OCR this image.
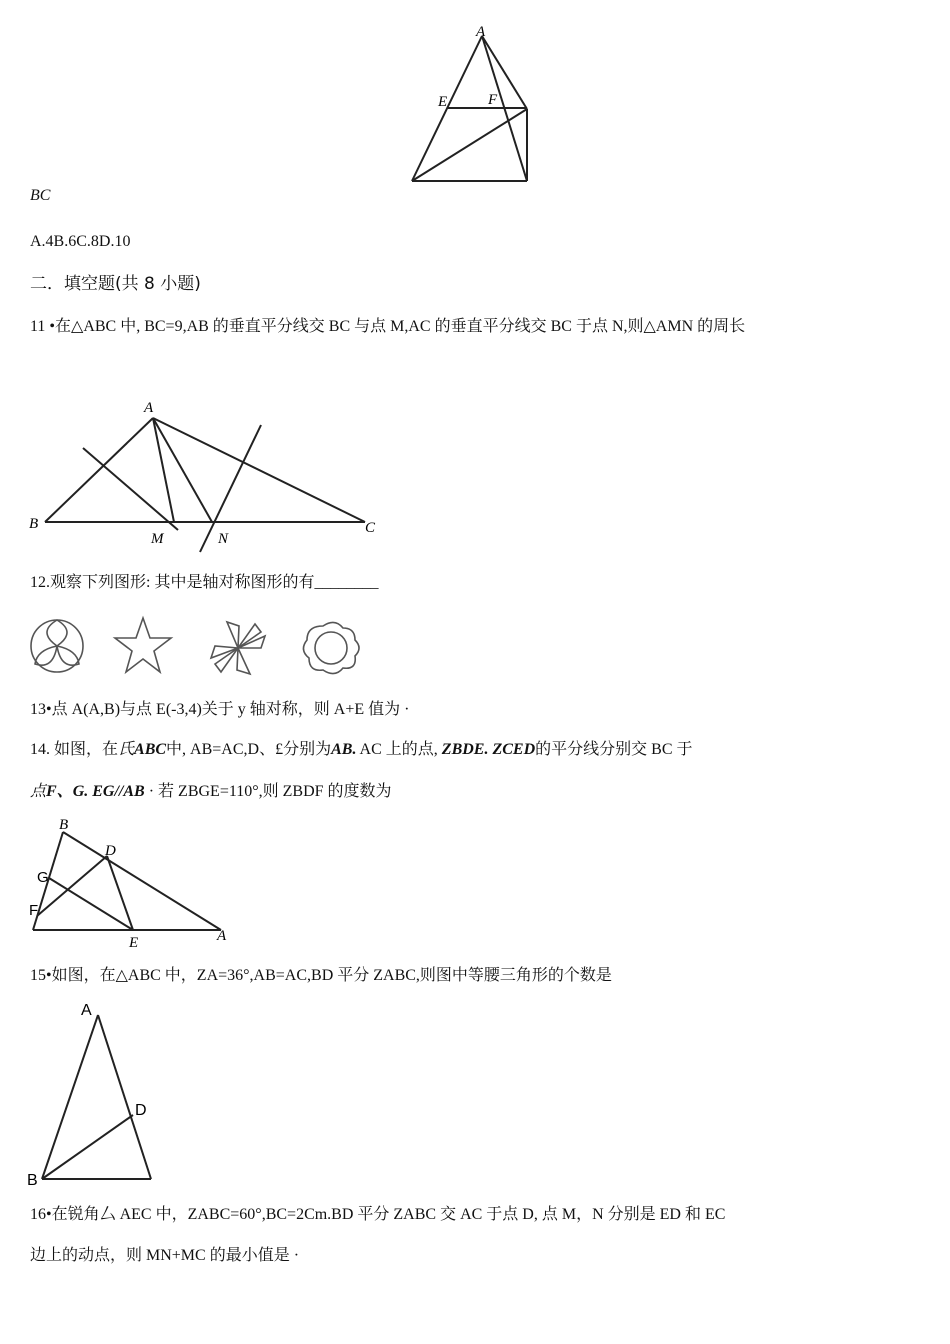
A
E	F
BC
A.4B.6C.8D.10
二．填空题(共 8 小题)
11 •在△ABC 中, BC=9,AB 的垂直平分线交 BC 与点 M,AC 的垂直平分线交 BC 于点 N,则△AMN 的周长
A
B	C
M	N
12.观察下列图形: 其中是轴对称图形的有________
13•点 A(A,B)与点 E(-3,4)关于 y 轴对称，则 A+E 值为 ·
14. 如图，在氏ABC中, AB=AC,D、£分别为AB. AC 上的点, ZBDE. ZCED的平分线分别交 BC 于
点F、G. EG//AB · 若 ZBGE=110°,则 ZBDF 的度数为
B
D
G
F
E	A
15•如图，在△ABC 中，ZA=36°,AB=AC,BD 平分 ZABC,则图中等腰三角形的个数是
A
D
B
16•在锐角厶 AEC 中，ZABC=60°,BC=2Cm.BD 平分 ZABC 交 AC 于点 D, 点 M，N 分别是 ED 和 EC
边上的动点，则 MN+MC 的最小值是 ·
